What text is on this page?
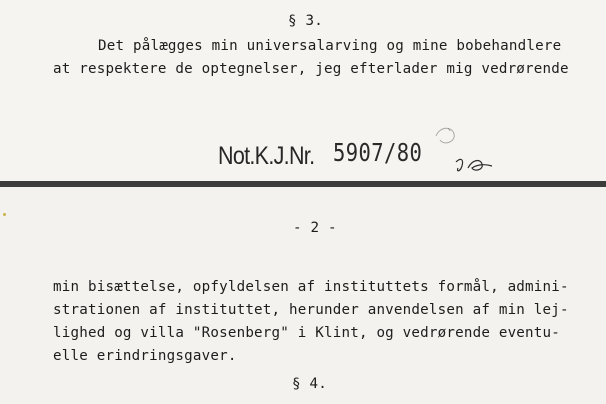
§ 3.
Det pålægges min universalarving og mine bobehandlere
at respektere de optegnelser, jeg efterlader mig vedrørende
Not.K.J.Nr. 5907/80
- 2 -
min bisættelse, opfyldelsen af instituttets formål, admini-
strationen af instituttet, herunder anvendelsen af min lej-
lighed og villa "Rosenberg" i Klint, og vedrørende eventu-
elle erindringsgaver.
§ 4.
